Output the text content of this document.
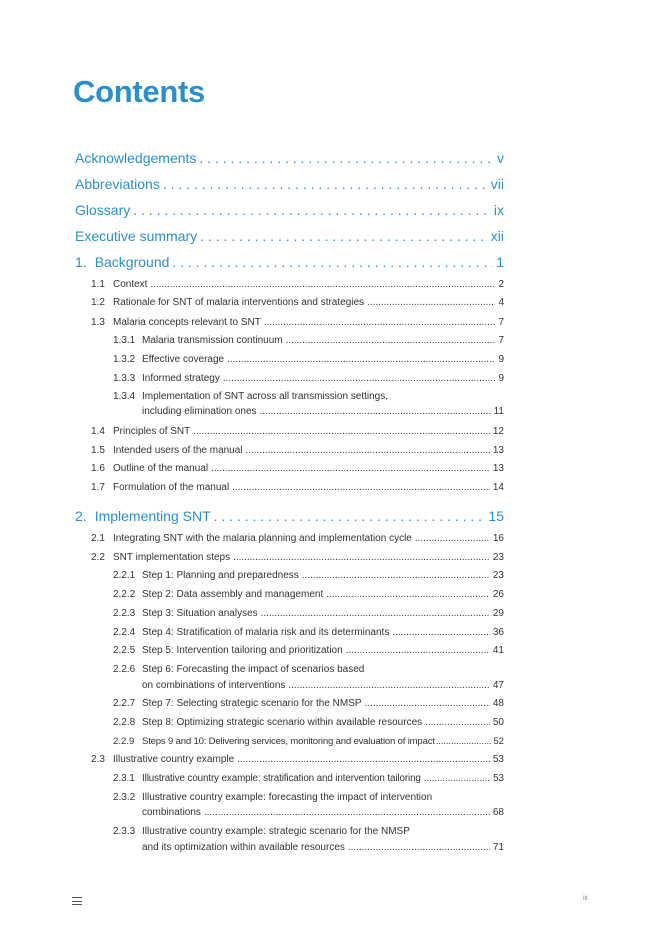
Contents
Acknowledgements . . .	v
Abbreviations . . .	vii
Glossary . . .	ix
Executive summary . . .	xii
1. Background . . .	1
1.1 Context . . .	2
1.2 Rationale for SNT of malaria interventions and strategies . . .	4
1.3 Malaria concepts relevant to SNT . . .	7
1.3.1 Malaria transmission continuum . . .	7
1.3.2 Effective coverage . . .	9
1.3.3 Informed strategy . . .	9
1.3.4 Implementation of SNT across all transmission settings,
including elimination ones . . .	11
1.4 Principles of SNT . . .	12
1.5 Intended users of the manual . . .	13
1.6 Outline of the manual . . .	13
1.7 Formulation of the manual . . .	14
2. Implementing SNT . . .	15
2.1 Integrating SNT with the malaria planning and implementation cycle . . .	16
2.2 SNT implementation steps . . .	23
2.2.1 Step 1: Planning and preparedness . . .	23
2.2.2 Step 2: Data assembly and management . . .	26
2.2.3 Step 3: Situation analyses . . .	29
2.2.4 Step 4: Stratification of malaria risk and its determinants . . .	36
2.2.5 Step 5: Intervention tailoring and prioritization . . .	41
2.2.6 Step 6: Forecasting the impact of scenarios based
on combinations of interventions . . .	47
2.2.7 Step 7: Selecting strategic scenario for the NMSP . . .	48
2.2.8 Step 8: Optimizing strategic scenario within available resources . . .	50
2.2.9 Steps 9 and 10: Delivering services, monitoring and evaluation of impact . . .	52
2.3 Illustrative country example . . .	53
2.3.1 Illustrative country example: stratification and intervention tailoring . . .	53
2.3.2 Illustrative country example: forecasting the impact of intervention
combinations . . .	68
2.3.3 Illustrative country example: strategic scenario for the NMSP
and its optimization within available resources . . .	71
iii
